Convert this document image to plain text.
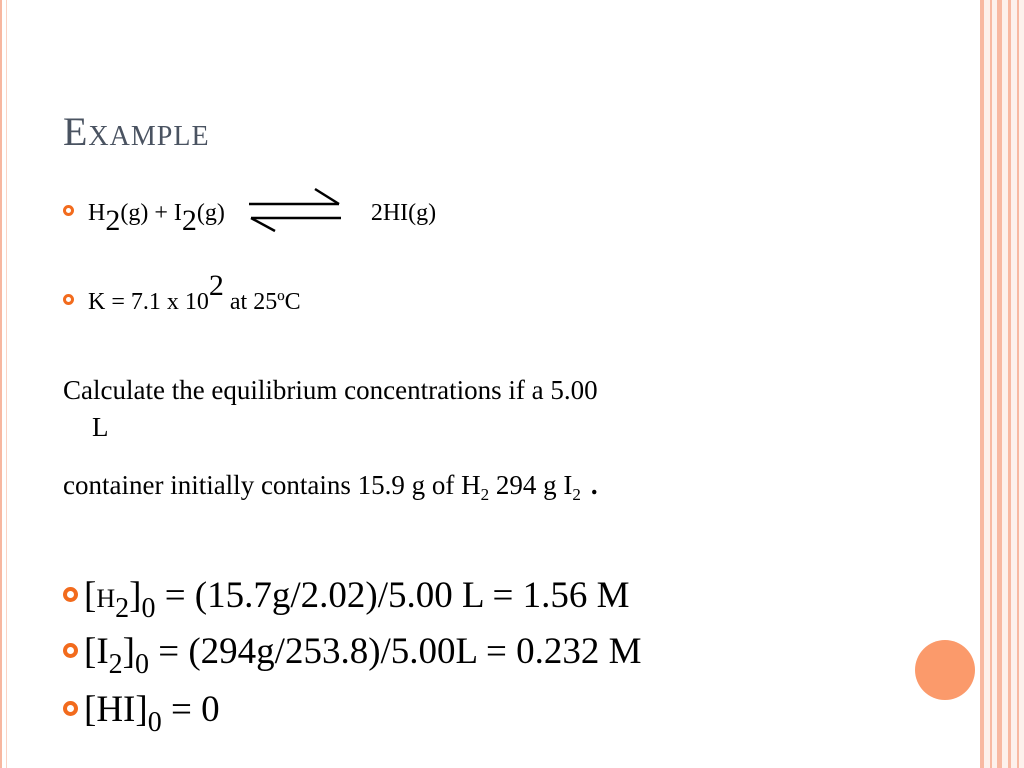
Example
H2(g) + I2(g)	2HI(g)
K = 7.1 x 102 at 25ºC
Calculate the equilibrium concentrations if a 5.00
L
container initially contains 15.9 g of $H_2$ 294 g $I_2$ .
$[H_2]_0 = (15.7g/2.02)/5.00$ L = 1.56 M
$[I_2]_0 = (294g/253.8)/5.00L = 0.232$ M
$[HI]_0 = 0$
